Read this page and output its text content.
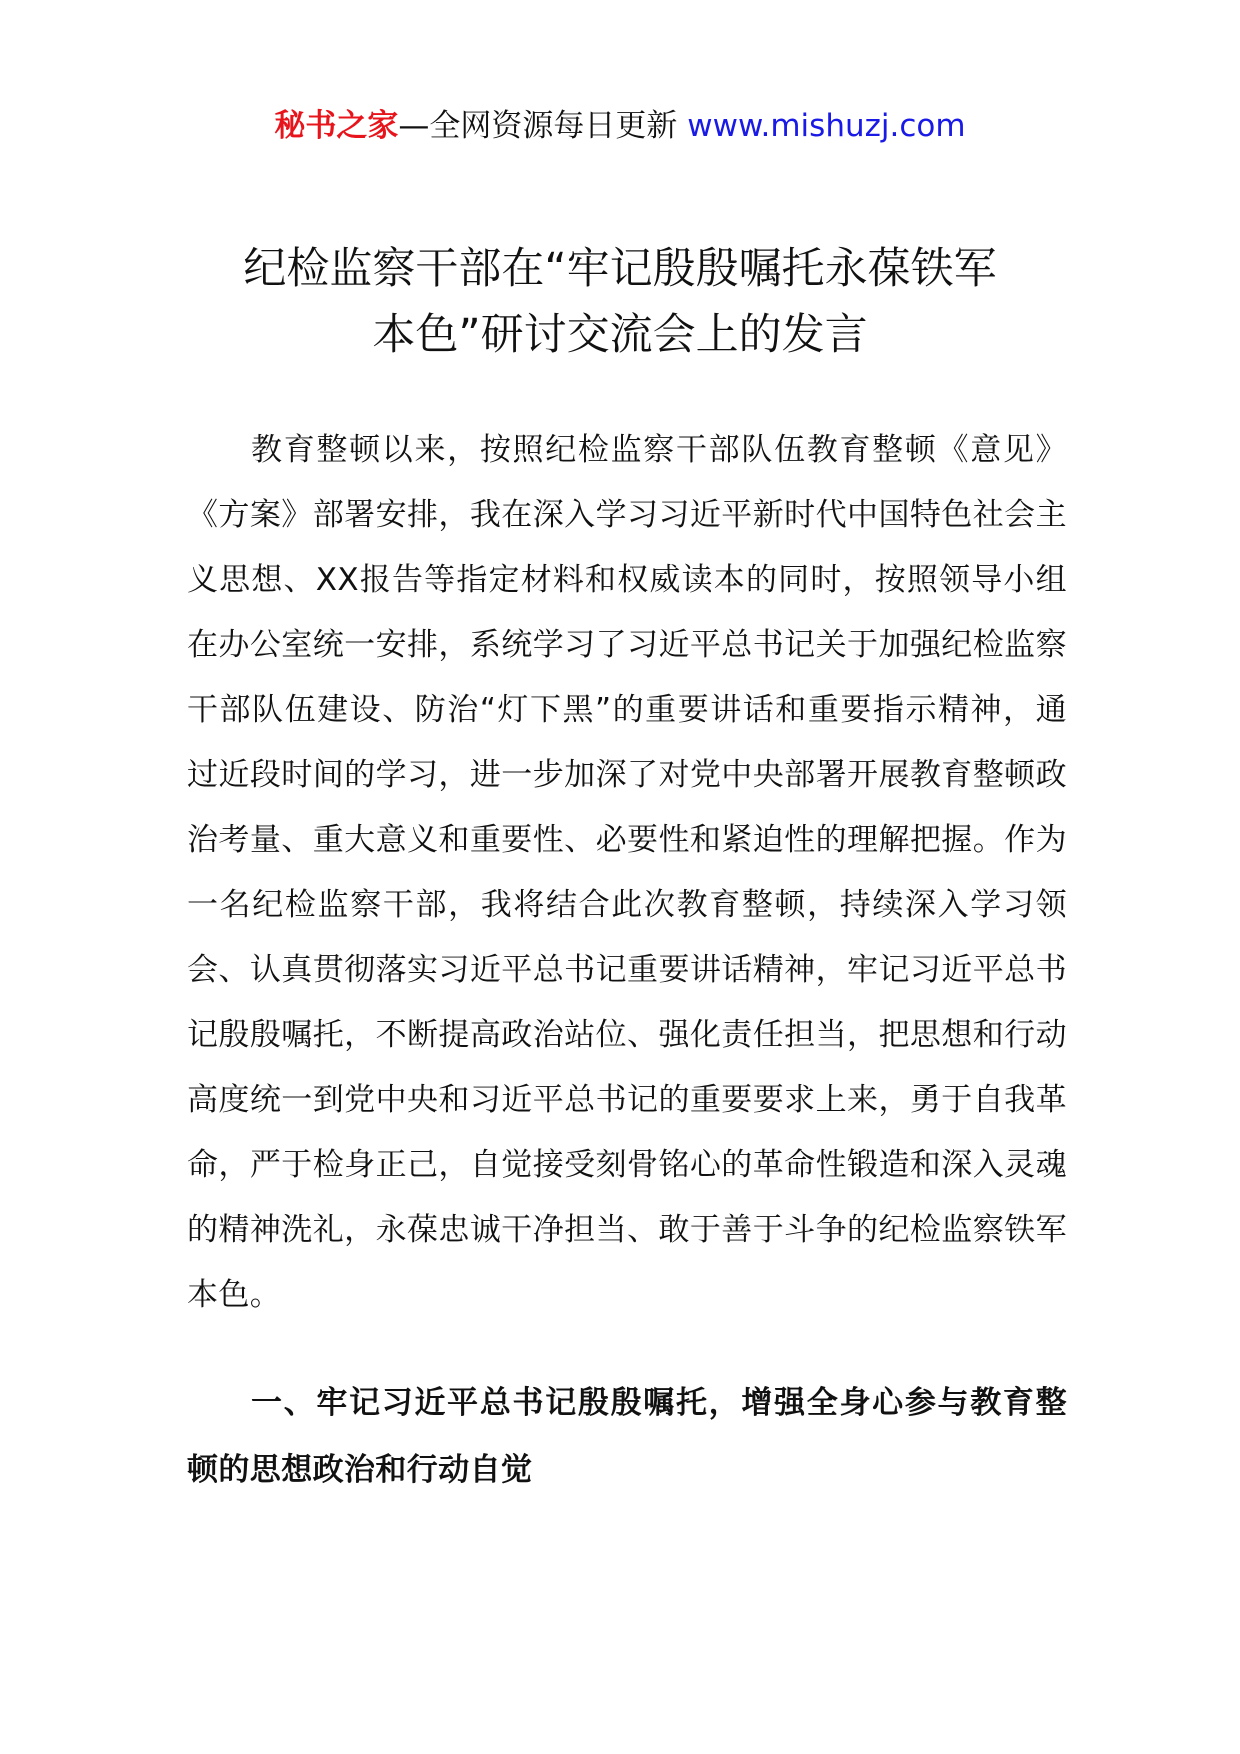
秘书之家—全网资源每日更新 www.mishuzj.com
纪检监察干部在“牢记殷殷嘱托永葆铁军
本色”研讨交流会上的发言

教育整顿以来，按照纪检监察干部队伍教育整顿《意见》《方案》部署安排，我在深入学习习近平新时代中国特色社会主义思想、XX报告等指定材料和权威读本的同时，按照领导小组在办公室统一安排，系统学习了习近平总书记关于加强纪检监察干部队伍建设、防治“灯下黑”的重要讲话和重要指示精神，通过近段时间的学习，进一步加深了对党中央部署开展教育整顿政治考量、重大意义和重要性、必要性和紧迫性的理解把握。作为一名纪检监察干部，我将结合此次教育整顿，持续深入学习领会、认真贯彻落实习近平总书记重要讲话精神，牢记习近平总书记殷殷嘱托，不断提高政治站位、强化责任担当，把思想和行动高度统一到党中央和习近平总书记的重要要求上来，勇于自我革命，严于检身正己，自觉接受刻骨铭心的革命性锻造和深入灵魂的精神洗礼，永葆忠诚干净担当、敢于善于斗争的纪检监察铁军本色。

一、牢记习近平总书记殷殷嘱托，增强全身心参与教育整顿的思想政治和行动自觉
